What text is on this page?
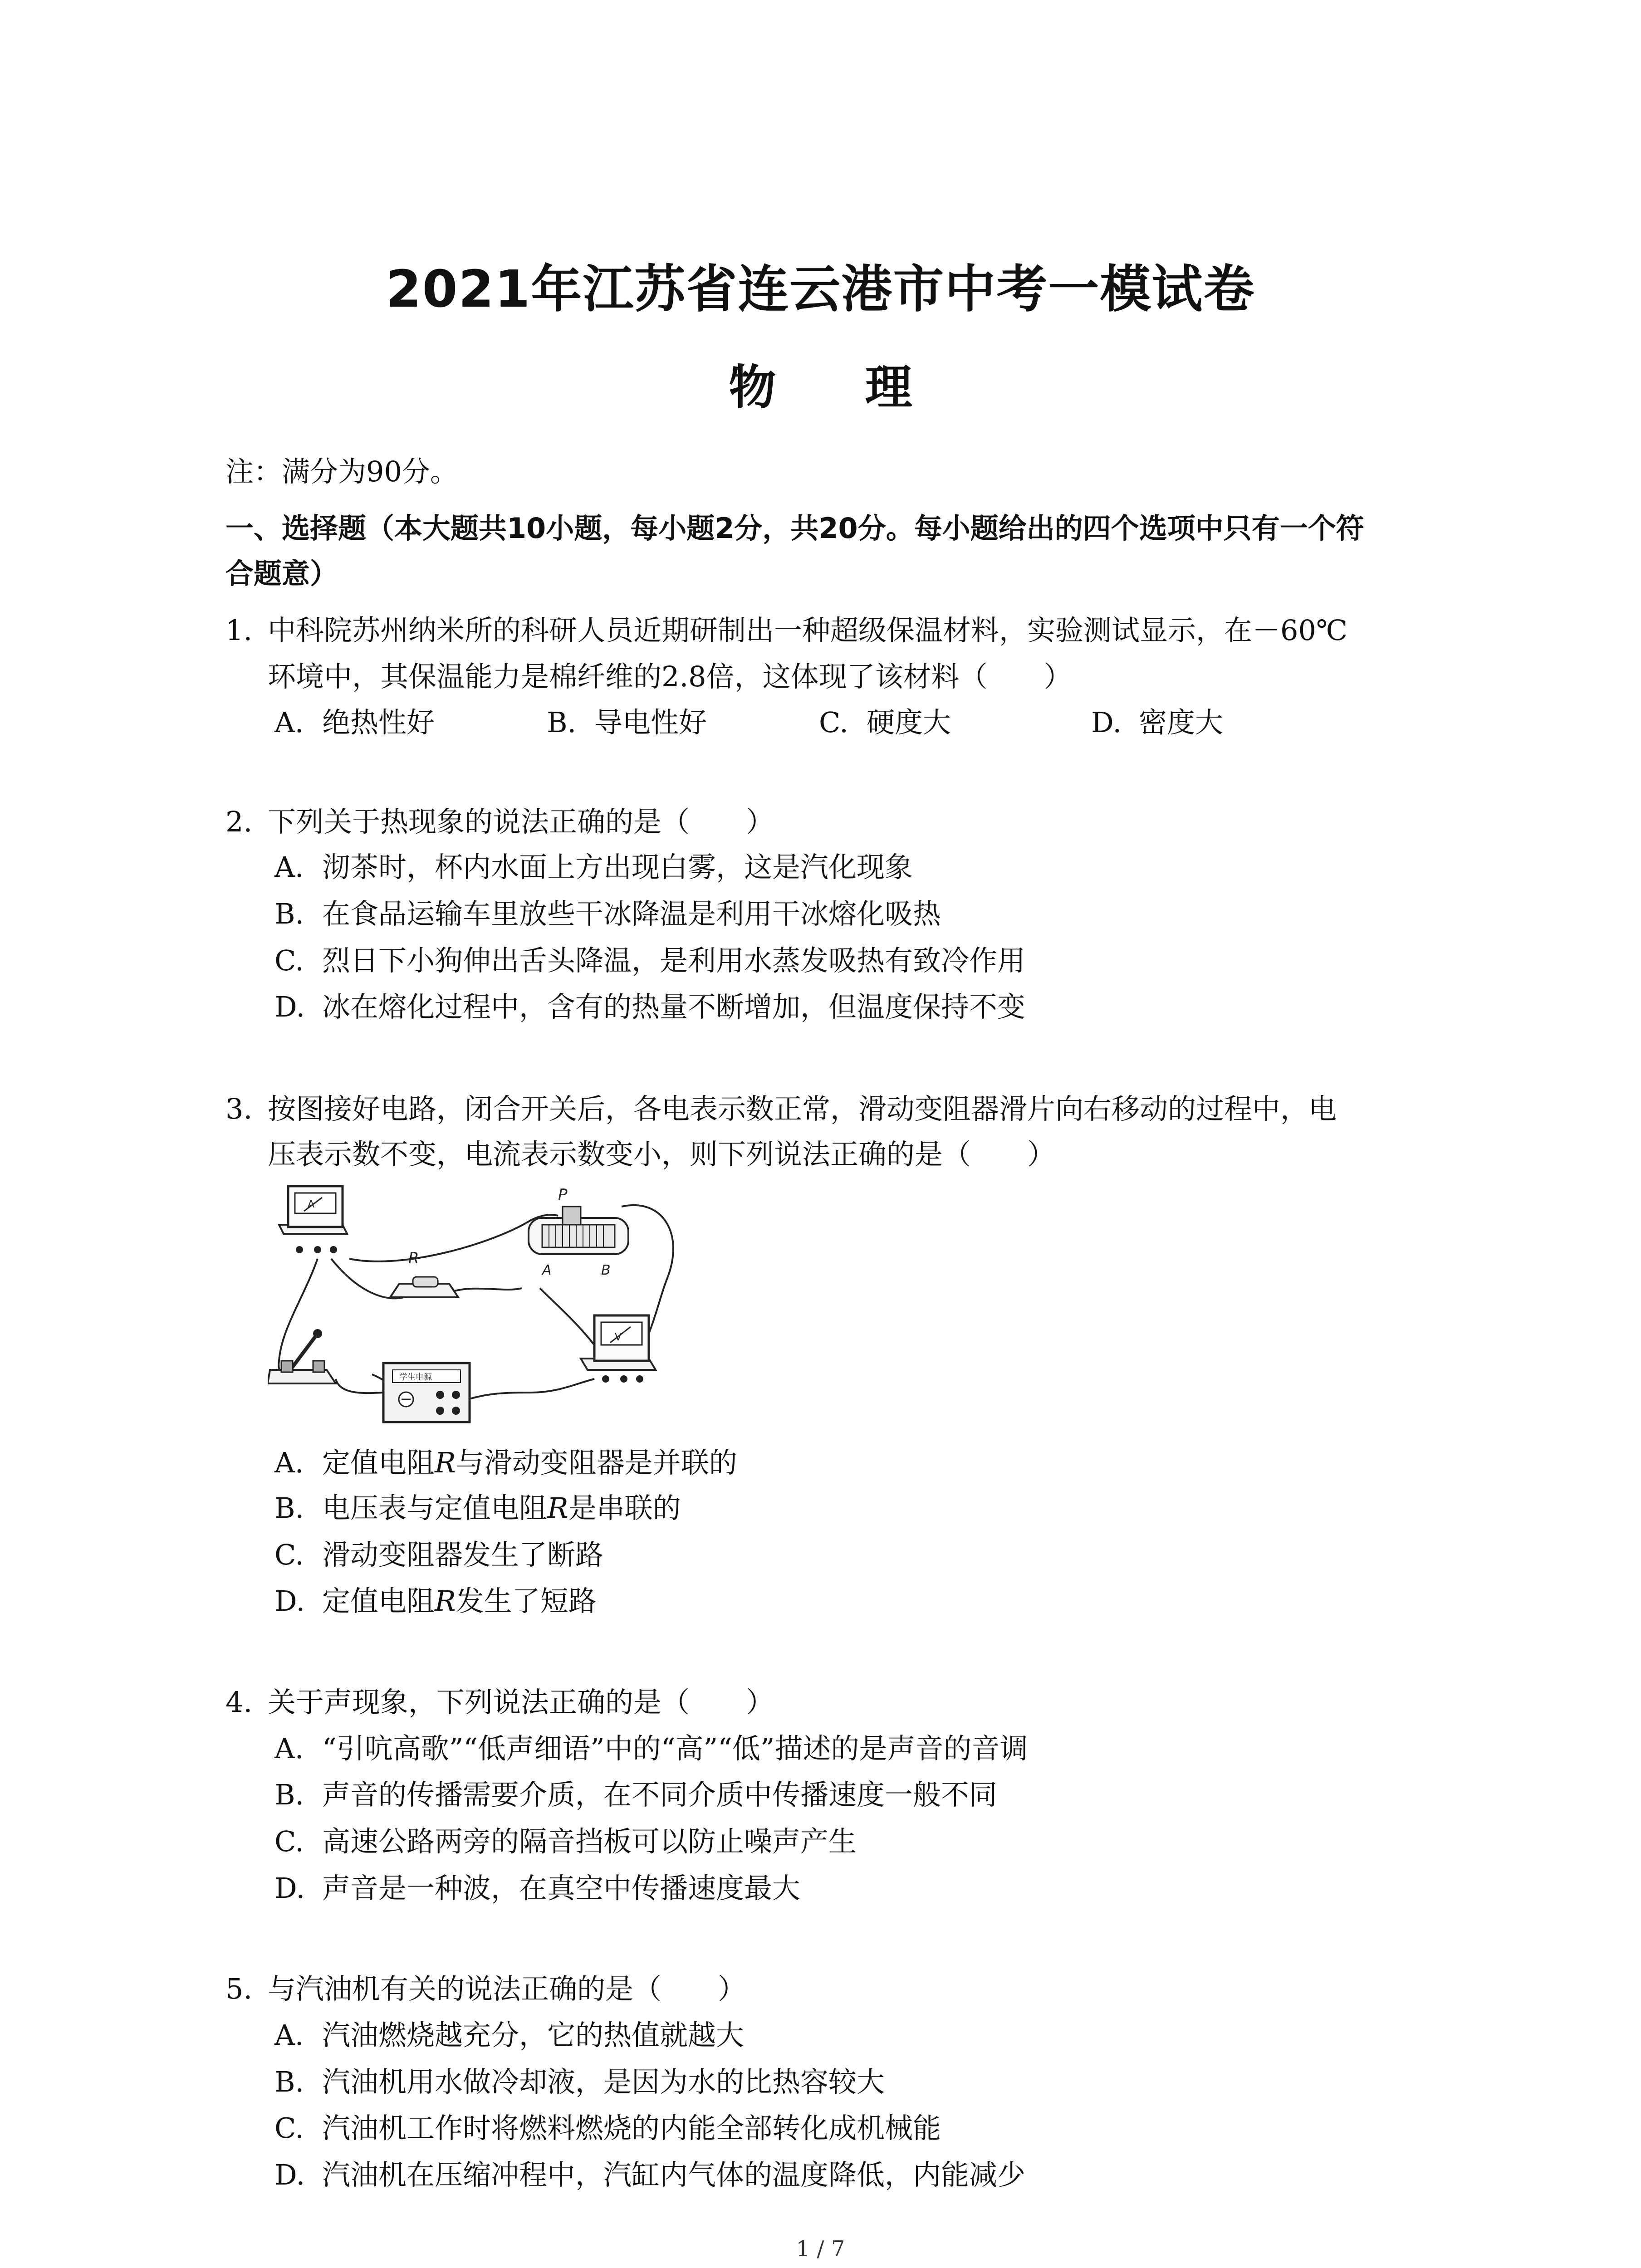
2021年江苏省连云港市中考一模试卷
物 理
注：满分为90分。
一、选择题（本大题共10小题，每小题2分，共20分。每小题给出的四个选项中只有一个符
合题意）
1. 中科院苏州纳米所的科研人员近期研制出一种超级保温材料，实验测试显示，在－60℃
环境中，其保温能力是棉纤维的2.8倍，这体现了该材料（　　）
A. 绝热性好	B. 导电性好	C. 硬度大	D. 密度大
2. 下列关于热现象的说法正确的是（　　）
A. 沏茶时，杯内水面上方出现白雾，这是汽化现象
B. 在食品运输车里放些干冰降温是利用干冰熔化吸热
C. 烈日下小狗伸出舌头降温，是利用水蒸发吸热有致冷作用
D. 冰在熔化过程中，含有的热量不断增加，但温度保持不变
3. 按图接好电路，闭合开关后，各电表示数正常，滑动变阻器滑片向右移动的过程中，电
压表示数不变，电流表示数变小，则下列说法正确的是（　　）
A
R
P
A	B
学生电源
V
A. 定值电阻R与滑动变阻器是并联的
B. 电压表与定值电阻R是串联的
C. 滑动变阻器发生了断路
D. 定值电阻R发生了短路
4. 关于声现象，下列说法正确的是（　　）
A. “引吭高歌”“低声细语”中的“高”“低”描述的是声音的音调
B. 声音的传播需要介质，在不同介质中传播速度一般不同
C. 高速公路两旁的隔音挡板可以防止噪声产生
D. 声音是一种波，在真空中传播速度最大
5. 与汽油机有关的说法正确的是（　　）
A. 汽油燃烧越充分，它的热值就越大
B. 汽油机用水做冷却液，是因为水的比热容较大
C. 汽油机工作时将燃料燃烧的内能全部转化成机械能
D. 汽油机在压缩冲程中，汽缸内气体的温度降低，内能减少
1 / 7
